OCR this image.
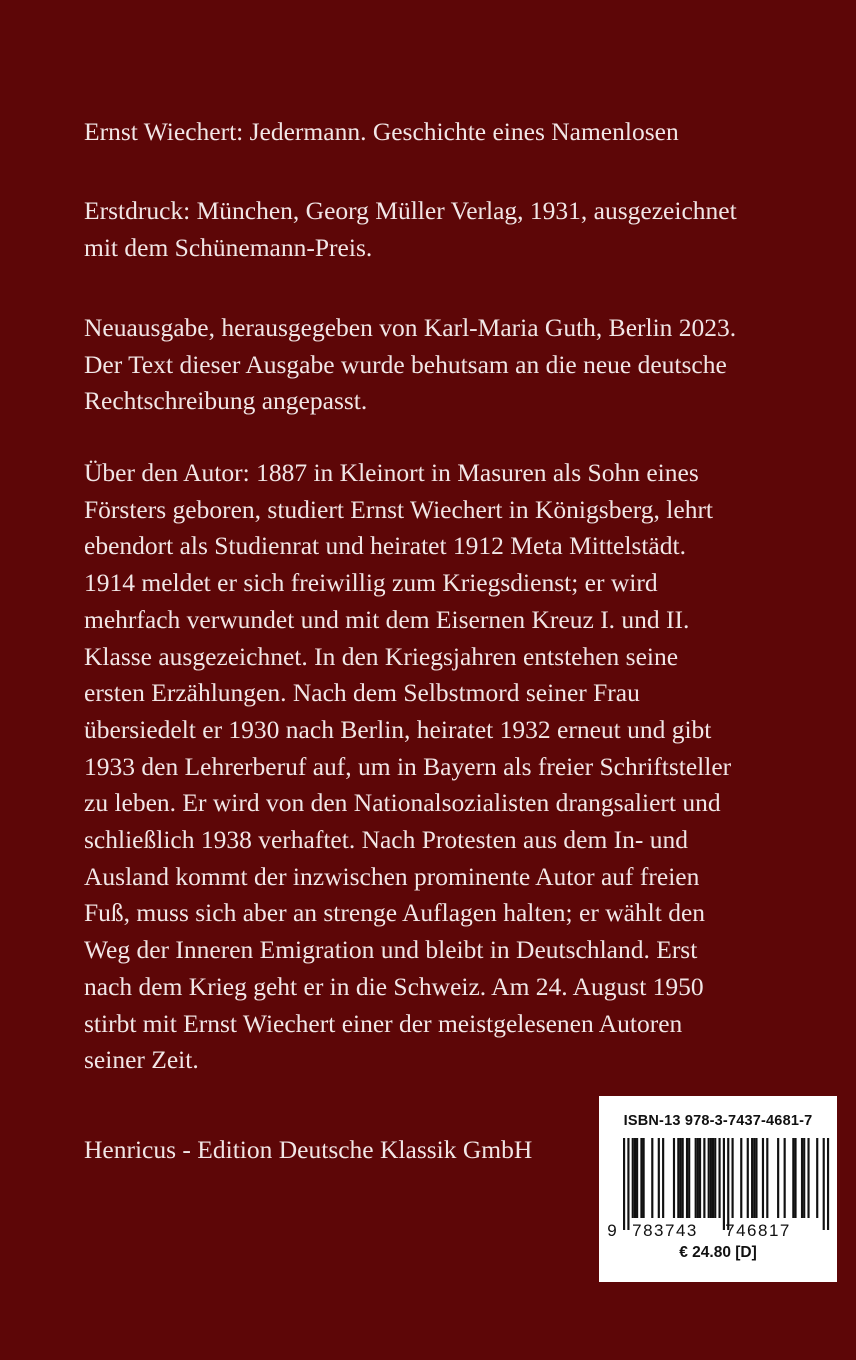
Ernst Wiechert: Jedermann. Geschichte eines Namenlosen
Erstdruck: München, Georg Müller Verlag, 1931, ausgezeichnet
mit dem Schünemann-Preis.
Neuausgabe, herausgegeben von Karl-Maria Guth, Berlin 2023.
Der Text dieser Ausgabe wurde behutsam an die neue deutsche
Rechtschreibung angepasst.
Über den Autor: 1887 in Kleinort in Masuren als Sohn eines
Försters geboren, studiert Ernst Wiechert in Königsberg, lehrt
ebendort als Studienrat und heiratet 1912 Meta Mittelstädt.
1914 meldet er sich freiwillig zum Kriegsdienst; er wird
mehrfach verwundet und mit dem Eisernen Kreuz I. und II.
Klasse ausgezeichnet. In den Kriegsjahren entstehen seine
ersten Erzählungen. Nach dem Selbstmord seiner Frau
übersiedelt er 1930 nach Berlin, heiratet 1932 erneut und gibt
1933 den Lehrerberuf auf, um in Bayern als freier Schriftsteller
zu leben. Er wird von den Nationalsozialisten drangsaliert und
schließlich 1938 verhaftet. Nach Protesten aus dem In- und
Ausland kommt der inzwischen prominente Autor auf freien
Fuß, muss sich aber an strenge Auflagen halten; er wählt den
Weg der Inneren Emigration und bleibt in Deutschland. Erst
nach dem Krieg geht er in die Schweiz. Am 24. August 1950
stirbt mit Ernst Wiechert einer der meistgelesenen Autoren
seiner Zeit.
Henricus - Edition Deutsche Klassik GmbH
ISBN-13 978-3-7437-4681-7
9 783743 746817
€ 24.80 [D]
